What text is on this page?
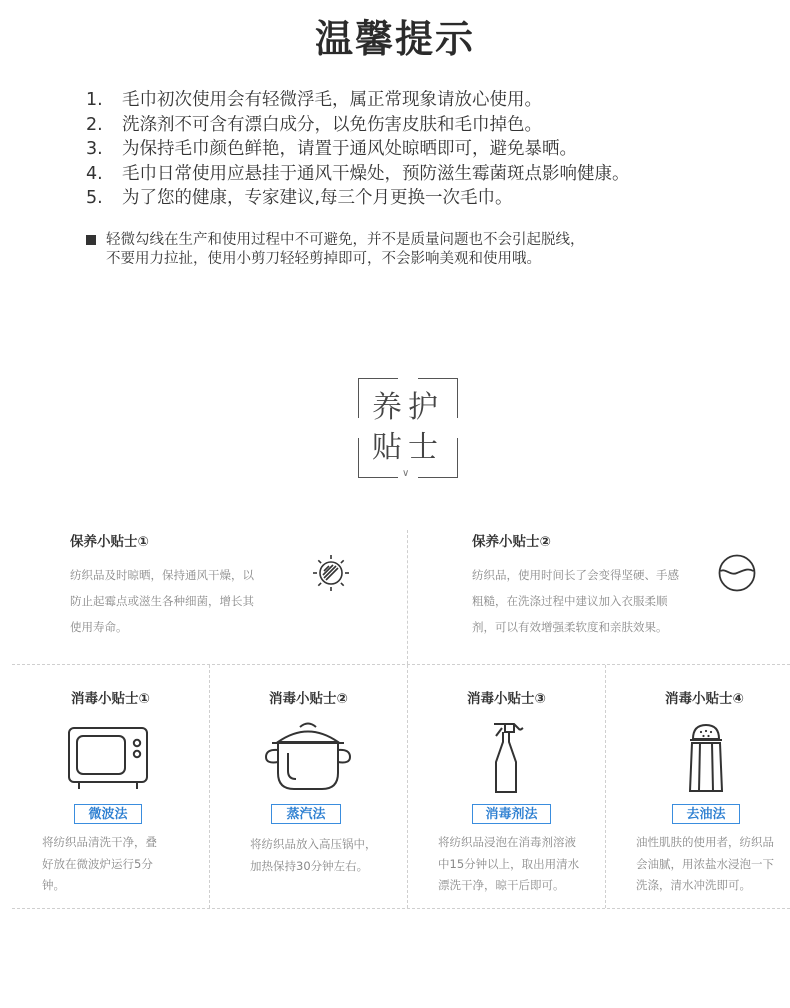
温馨提示
1. 毛巾初次使用会有轻微浮毛，属正常现象请放心使用。
2. 洗涤剂不可含有漂白成分，以免伤害皮肤和毛巾掉色。
3. 为保持毛巾颜色鲜艳，请置于通风处晾晒即可，避免暴晒。
4. 毛巾日常使用应悬挂于通风干燥处，预防滋生霉菌斑点影响健康。
5. 为了您的健康，专家建议,每三个月更换一次毛巾。
轻微勾线在生产和使用过程中不可避免，并不是质量问题也不会引起脱线，
不要用力拉扯，使用小剪刀轻轻剪掉即可，不会影响美观和使用哦。
养护
贴士
∨
保养小贴士①

纺织品及时晾晒，保持通风干燥，以
防止起霉点或滋生各种细菌，增长其
使用寿命。

保养小贴士②

纺织品，使用时间长了会变得坚硬、手感
粗糙，在洗涤过程中建议加入衣服柔顺
剂，可以有效增强柔软度和亲肤效果。

消毒小贴士①
微波法

将纺织品清洗干净，叠
好放在微波炉运行5分
钟。

消毒小贴士②
蒸汽法

将纺织品放入高压锅中，
加热保持30分钟左右。

消毒小贴士③
消毒剂法

将纺织品浸泡在消毒剂溶液
中15分钟以上，取出用清水
漂洗干净，晾干后即可。

消毒小贴士④
去油法

油性肌肤的使用者，纺织品
会油腻，用浓盐水浸泡一下
洗涤，清水冲洗即可。
